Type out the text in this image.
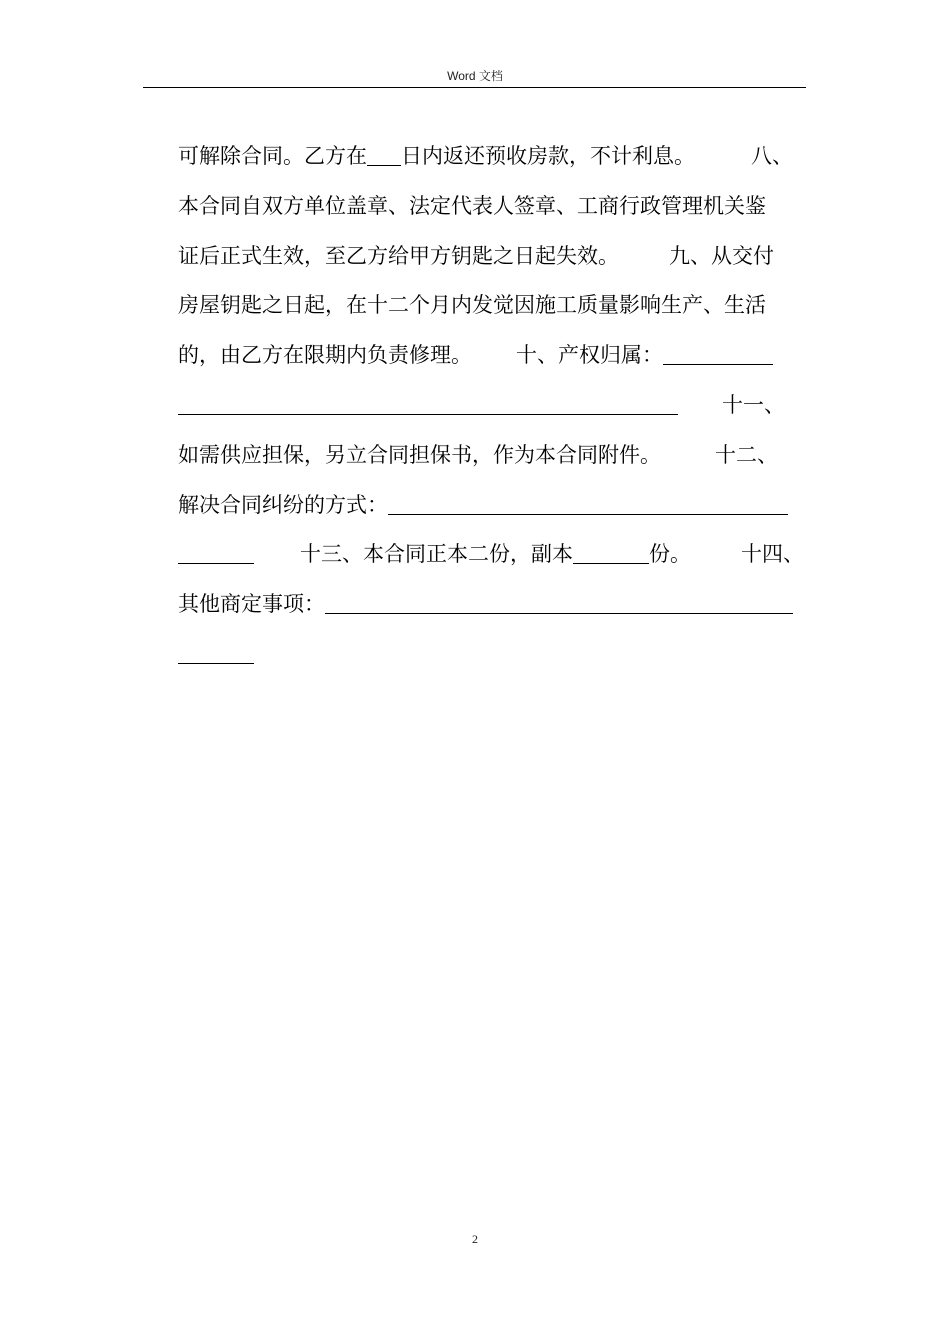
Word 文档
可解除合同。乙方在 日内返还预收房款，不计利息。	八、
本合同自双方单位盖章、法定代表人签章、工商行政管理机关鉴
证后正式生效，至乙方给甲方钥匙之日起失效。 九、从交付
房屋钥匙之日起，在十二个月内发觉因施工质量影响生产、生活
的，由乙方在限期内负责修理。 十、产权归属：
十一、
如需供应担保，另立合同担保书，作为本合同附件。	十二、
解决合同纠纷的方式：
十三、本合同正本二份，副本	份。 十四、
其他商定事项：
2
